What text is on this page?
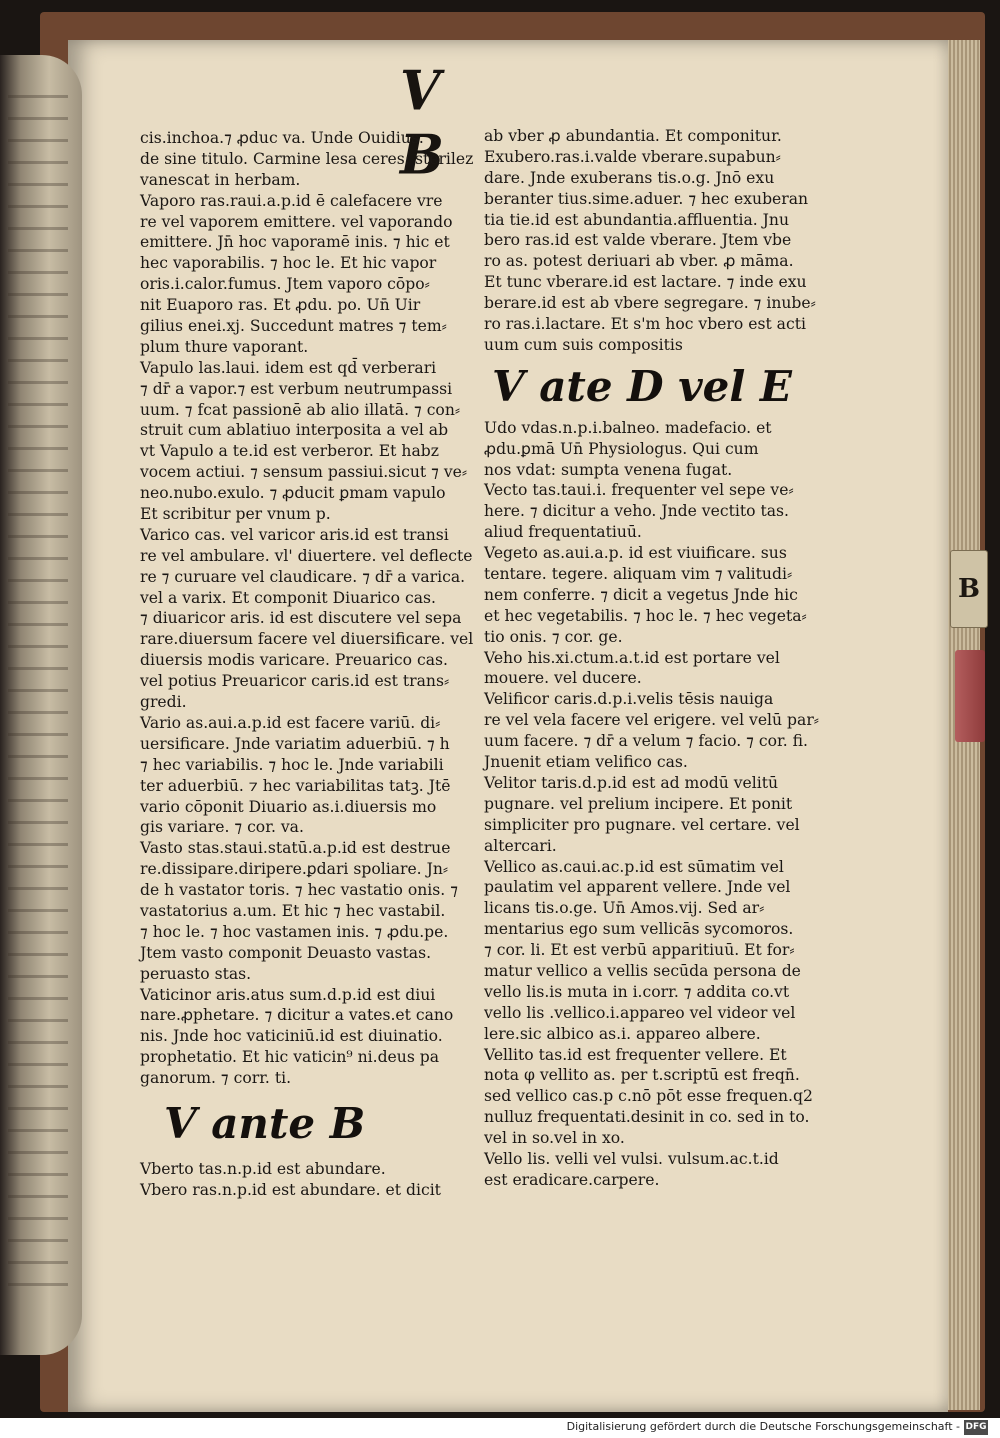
B
V B
cis.inchoa.⁊ ꝓduc va. Unde Ouidius.
de sine titulo. Carmine lesa ceres: sterilez
vanescat in herbam.
Vaporo ras.raui.a.p.id ē calefacere vre
re vel vaporem emittere. vel vaporando
emittere. Jn̄ hoc vaporamē inis. ⁊ hic et
hec vaporabilis. ⁊ hoc le. Et hic vapor
oris.i.calor.fumus. Jtem vaporo cōpo⸗
nit Euaporo ras. Et ꝓdu. po. Un̄ Uir
gilius enei.xj. Succedunt matres ⁊ tem⸗
plum thure vaporant.
Vapulo las.laui. idem est qd̄ verberari
⁊ dr̄ a vapor.⁊ est verbum neutrumpassi
uum. ⁊ fcat passionē ab alio illatā. ⁊ con⸗
struit cum ablatiuo interposita a vel ab
vt Vapulo a te.id est verberor. Et habz
vocem actiui. ⁊ sensum passiui.sicut ⁊ ve⸗
neo.nubo.exulo. ⁊ ꝓducit ꝑmam vapulo
Et scribitur per vnum p.
Varico cas. vel varicor aris.id est transi
re vel ambulare. vl' diuertere. vel deflecte
re ⁊ curuare vel claudicare. ⁊ dr̄ a varica.
vel a varix. Et componit Diuarico cas.
⁊ diuaricor aris. id est discutere vel sepa
rare.diuersum facere vel diuersificare. vel
diuersis modis varicare. Preuarico cas.
vel potius Preuaricor caris.id est trans⸗
gredi.
Vario as.aui.a.p.id est facere variū. di⸗
uersificare. Jnde variatim aduerbiū. ⁊ h
⁊ hec variabilis. ⁊ hoc le. Jnde variabili
ter aduerbiū. ⁊ hec variabilitas tatꝫ. Jtē
vario cōponit Diuario as.i.diuersis mo
gis variare. ⁊ cor. va.
Vasto stas.staui.statū.a.p.id est destrue
re.dissipare.diripere.ꝑdari spoliare. Jn⸗
de h vastator toris. ⁊ hec vastatio onis. ⁊
vastatorius a.um. Et hic ⁊ hec vastabil.
⁊ hoc le. ⁊ hoc vastamen inis. ⁊ ꝓdu.pe.
Jtem vasto componit Deuasto vastas.
peruasto stas.
Vaticinor aris.atus sum.d.p.id est diui
nare.ꝓphetare. ⁊ dicitur a vates.et cano
nis. Jnde hoc vaticiniū.id est diuinatio.
prophetatio. Et hic vaticin⁹ ni.deus pa
ganorum. ⁊ corr. ti.
V ante B
Vberto tas.n.p.id est abundare.
Vbero ras.n.p.id est abundare. et dicit
ab vber ꝓ abundantia. Et componitur.
Exubero.ras.i.valde vberare.supabun⸗
dare. Jnde exuberans tis.o.g. Jnō exu
beranter tius.sime.aduer. ⁊ hec exuberan
tia tie.id est abundantia.affluentia. Jnu
bero ras.id est valde vberare. Jtem vbe
ro as. potest deriuari ab vber. ꝓ māma.
Et tunc vberare.id est lactare. ⁊ inde exu
berare.id est ab vbere segregare. ⁊ inube⸗
ro ras.i.lactare. Et s'm hoc vbero est acti
uum cum suis compositis
V ate D vel E
Udo vdas.n.p.i.balneo. madefacio. et
ꝓdu.ꝑmā Un̄ Physiologus. Qui cum
nos vdat: sumpta venena fugat.
Vecto tas.taui.i. frequenter vel sepe ve⸗
here. ⁊ dicitur a veho. Jnde vectito tas.
aliud frequentatiuū.
Vegeto as.aui.a.p. id est viuificare. sus
tentare. tegere. aliquam vim ⁊ valitudi⸗
nem conferre. ⁊ dicit a vegetus Jnde hic
et hec vegetabilis. ⁊ hoc le. ⁊ hec vegeta⸗
tio onis. ⁊ cor. ge.
Veho his.xi.ctum.a.t.id est portare vel
mouere. vel ducere.
Velificor caris.d.p.i.velis tēsis nauiga
re vel vela facere vel erigere. vel velū par⸗
uum facere. ⁊ dr̄ a velum ⁊ facio. ⁊ cor. fi.
Jnuenit etiam velifico cas.
Velitor taris.d.p.id est ad modū velitū
pugnare. vel prelium incipere. Et ponit
simpliciter pro pugnare. vel certare. vel
altercari.
Vellico as.caui.ac.p.id est sūmatim vel
paulatim vel apparent vellere. Jnde vel
licans tis.o.ge. Un̄ Amos.vij. Sed ar⸗
mentarius ego sum vellicās sycomoros.
⁊ cor. li. Et est verbū apparitiuū. Et for⸗
matur vellico a vellis secūda persona de
vello lis.is muta in i.corr. ⁊ addita co.vt
vello lis .vellico.i.appareo vel videor vel
lere.sic albico as.i. appareo albere.
Vellito tas.id est frequenter vellere. Et
nota φ vellito as. per t.scriptū est freqn̄.
sed vellico cas.p c.nō pōt esse frequen.q2
nulluz frequentati.desinit in co. sed in to.
vel in so.vel in xo.
Vello lis. velli vel vulsi. vulsum.ac.t.id
est eradicare.carpere.
Digitalisierung gefördert durch die Deutsche Forschungsgemeinschaft - DFG
